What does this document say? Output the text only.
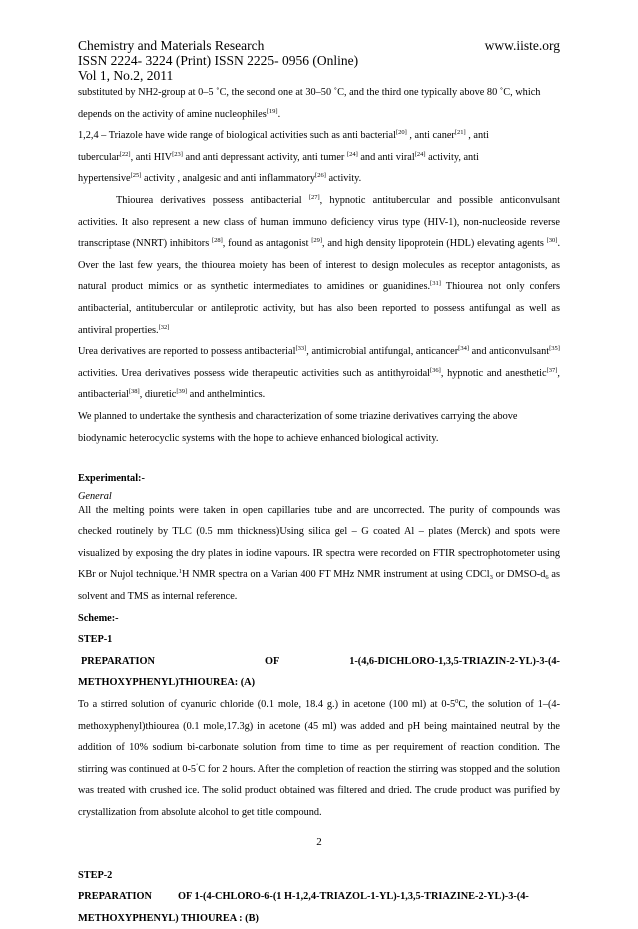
Chemistry and Materials Research	www.iiste.org
ISSN 2224- 3224 (Print) ISSN 2225- 0956 (Online)
Vol 1, No.2, 2011

substituted by NH2-group at 0–5 ˚C, the second one at 30–50 ˚C, and the third one typically above 80 ˚C, which

depends on the activity of amine nucleophiles[19].

1,2,4 – Triazole have wide range of biological activities such as anti bacterial[20] , anti caner[21] , anti

tubercular[22], anti HIV[23] and anti depressant activity, anti tumer [24] and anti viral[24] activity, anti

hypertensive[25] activity , analgesic and anti inflammatory[26] activity.

Thiourea derivatives possess antibacterial [27], hypnotic antitubercular and possible anticonvulsant activities. It also represent a new class of human immuno deficiency virus type (HIV-1), non-nucleoside reverse transcriptase (NNRT) inhibitors [28], found as antagonist [29], and high density lipoprotein (HDL) elevating agents [30]. Over the last few years, the thiourea moiety has been of interest to design molecules as receptor antagonists, as natural product mimics or as synthetic intermediates to amidines or guanidines.[31] Thiourea not only confers antibacterial, antitubercular or antileprotic activity, but has also been reported to possess antifungal as well as antiviral properties.[32]

Urea derivatives are reported to possess antibacterial[33], antimicrobial antifungal, anticancer[34] and anticonvulsant[35] activities. Urea derivatives possess wide therapeutic activities such as antithyroidal[36], hypnotic and anesthetic[37], antibacterial[38], diuretic[39] and anthelmintics.

We planned to undertake the synthesis and characterization of some triazine derivatives carrying the above

biodynamic heterocyclic systems with the hope to achieve enhanced biological activity.

Experimental:-

General

All the melting points were taken in open capillaries tube and are uncorrected. The purity of compounds was checked routinely by TLC (0.5 mm thickness)Using silica gel – G coated Al – plates (Merck) and spots were visualized by exposing the dry plates in iodine vapours. IR spectra were recorded on FTIR spectrophotometer using KBr or Nujol technique.$^1$H NMR spectra on a Varian 400 FT MHz NMR instrument at using CDCl$_3$ or DMSO-$d_6$ as solvent and TMS as internal reference.

Scheme:-

STEP-1

PREPARATION	OF	1-(4,6-DICHLORO-1,3,5-TRIAZIN-2-YL)-3-(4-

METHOXYPHENYL)THIOUREA: (A)

To a stirred solution of cyanuric chloride (0.1 mole, 18.4 g.) in acetone (100 ml) at $0-5^0C$, the solution of 1–(4-methoxyphenyl)thiourea (0.1 mole,17.3g) in acetone (45 ml) was added and pH being maintained neutral by the addition of 10% sodium bi-carbonate solution from time to time as per requirement of reaction condition. The stirring was continued at 0-5˚C for 2 hours. After the completion of reaction the stirring was stopped and the solution was treated with crushed ice. The solid product obtained was filtered and dried. The crude product was purified by crystallization from absolute alcohol to get title compound.

STEP-2

PREPARATION	OF 1-(4-CHLORO-6-(1 H-1,2,4-TRIAZOL-1-YL)-1,3,5-TRIAZINE-2-YL)-3-(4-

METHOXYPHENYL) THIOUREA : (B)

2
